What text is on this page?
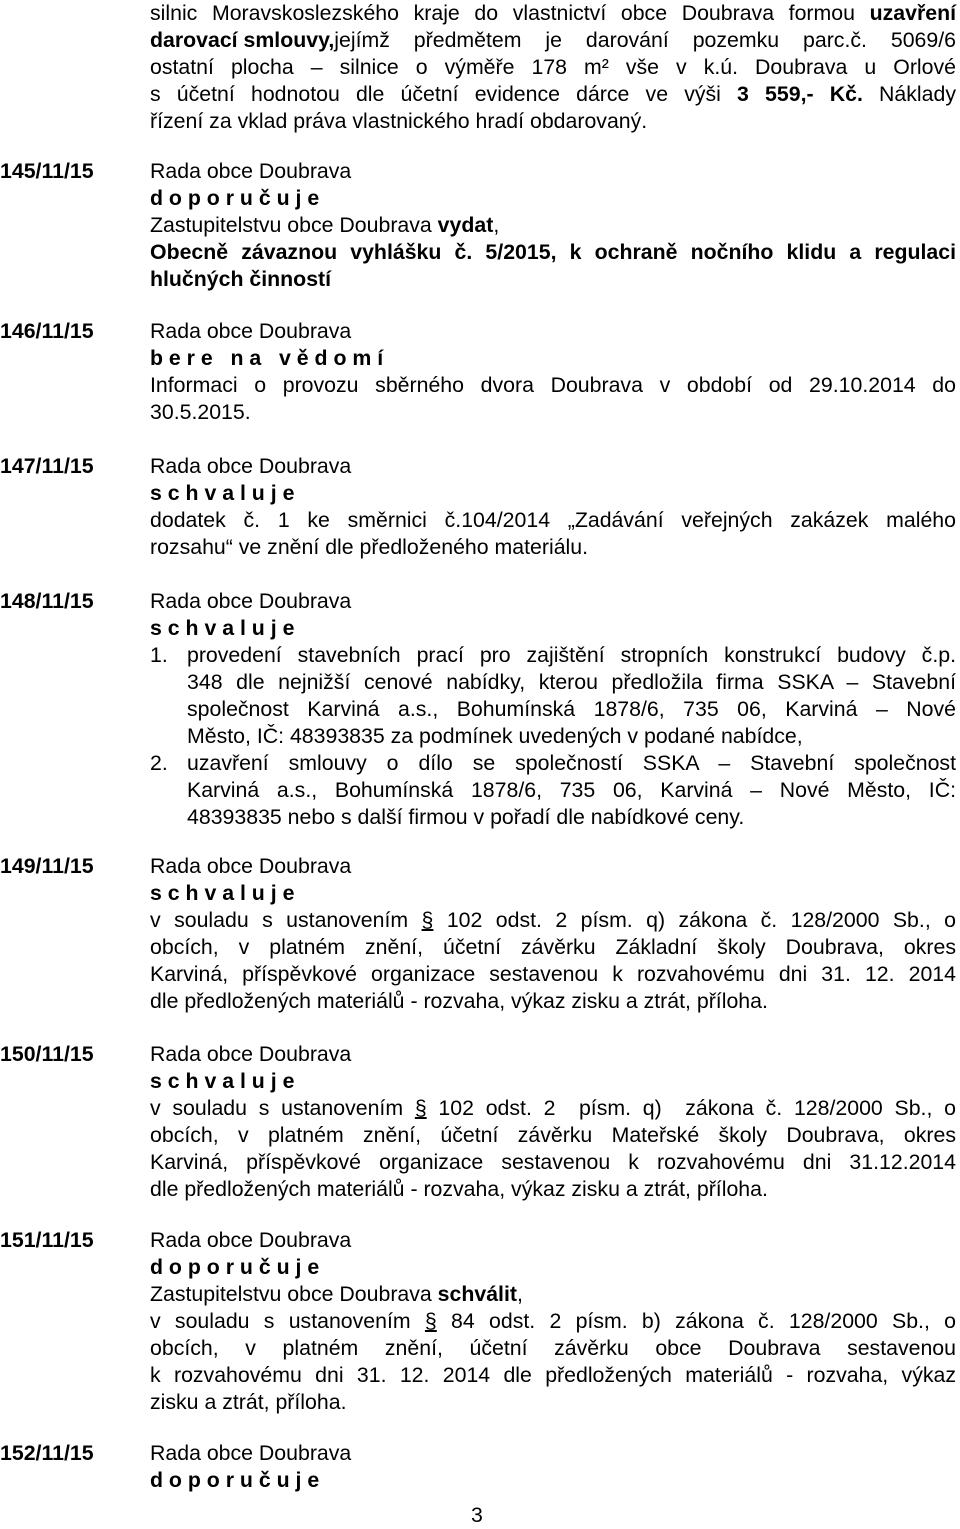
silnic Moravskoslezského kraje do vlastnictví obce Doubrava formou uzavření
darovací smlouvy, jejímž předmětem je darování pozemku parc.č. 5069/6
ostatní plocha – silnice o výměře 178 m² vše v k.ú. Doubrava u Orlové
s účetní hodnotou dle účetní evidence dárce ve výši 3 559,- Kč. Náklady
řízení za vklad práva vlastnického hradí obdarovaný.
145/11/15	Rada obce Doubrava
d o p o r u č u j e
Zastupitelstvu obce Doubrava vydat,
Obecně závaznou vyhlášku č. 5/2015, k ochraně nočního klidu a regulaci
hlučných činností
146/11/15	Rada obce Doubrava
b e r e   n a   v ě d o m í
Informaci o provozu sběrného dvora Doubrava v období od 29.10.2014 do
30.5.2015.
147/11/15	Rada obce Doubrava
s c h v a l u j e
dodatek č. 1 ke směrnici č.104/2014 „Zadávání veřejných zakázek malého
rozsahu“ ve znění dle předloženého materiálu.
148/11/15	Rada obce Doubrava
s c h v a l u j e
1. provedení stavebních prací pro zajištění stropních konstrukcí budovy č.p.
348 dle nejnižší cenové nabídky, kterou předložila firma SSKA – Stavební
společnost Karviná a.s., Bohumínská 1878/6, 735 06, Karviná – Nové
Město, IČ: 48393835 za podmínek uvedených v podané nabídce,
2. uzavření smlouvy o dílo se společností SSKA – Stavební společnost
Karviná a.s., Bohumínská 1878/6, 735 06, Karviná – Nové Město, IČ:
48393835 nebo s další firmou v pořadí dle nabídkové ceny.
149/11/15	Rada obce Doubrava
s c h v a l u j e
v souladu s ustanovením § 102 odst. 2 písm. q) zákona č. 128/2000 Sb., o
obcích, v platném znění, účetní závěrku Základní školy Doubrava, okres
Karviná, příspěvkové organizace sestavenou k rozvahovému dni 31. 12. 2014
dle předložených materiálů - rozvaha, výkaz zisku a ztrát, příloha.
150/11/15	Rada obce Doubrava
s c h v a l u j e
v souladu s ustanovením § 102 odst. 2  písm. q)  zákona č. 128/2000 Sb., o
obcích, v platném znění, účetní závěrku Mateřské školy Doubrava, okres
Karviná, příspěvkové organizace sestavenou k rozvahovému dni 31.12.2014
dle předložených materiálů - rozvaha, výkaz zisku a ztrát, příloha.
151/11/15	Rada obce Doubrava
d o p o r u č u j e
Zastupitelstvu obce Doubrava schválit,
v souladu s ustanovením § 84 odst. 2 písm. b) zákona č. 128/2000 Sb., o
obcích, v platném znění, účetní závěrku obce Doubrava sestavenou
k rozvahovému dni 31. 12. 2014 dle předložených materiálů - rozvaha, výkaz
zisku a ztrát, příloha.
152/11/15	Rada obce Doubrava
d o p o r u č u j e
3
